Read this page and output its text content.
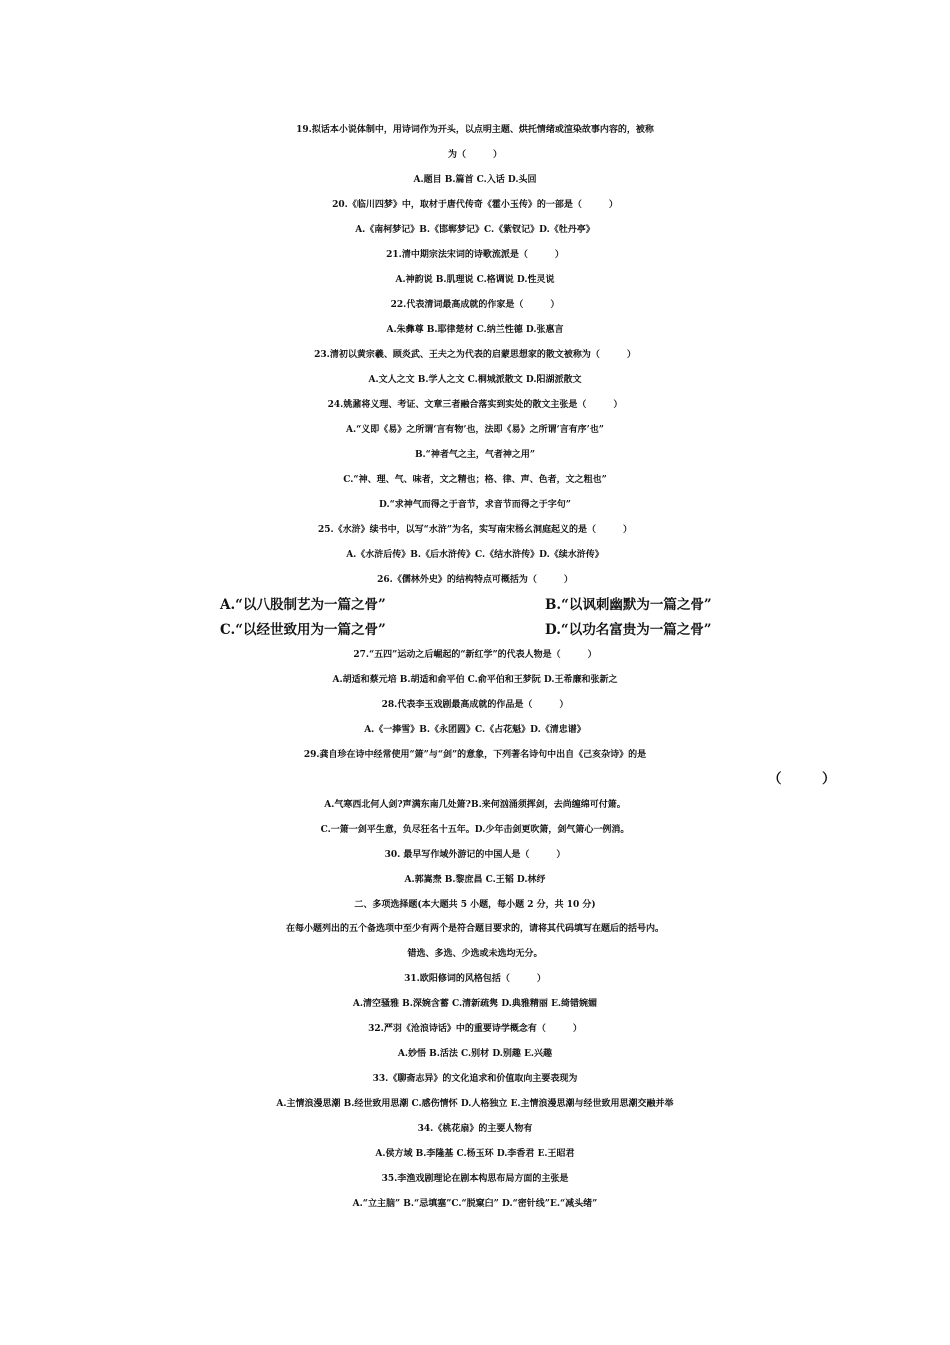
19.拟话本小说体制中，用诗词作为开头，以点明主题、烘托情绪或渲染故事内容的，被称
为（　　　）
A.题目 B.篇首 C.入话 D.头回
20.《临川四梦》中，取材于唐代传奇《霍小玉传》的一部是（　　　）
A.《南柯梦记》B.《邯郸梦记》C.《紫钗记》D.《牡丹亭》
21.清中期宗法宋词的诗歌流派是（　　　）
A.神韵说 B.肌理说 C.格调说 D.性灵说
22.代表清词最高成就的作家是（　　　）
A.朱彝尊 B.耶律楚材 C.纳兰性德 D.张惠言
23.清初以黄宗羲、顾炎武、王夫之为代表的启蒙思想家的散文被称为（　　　）
A.文人之文 B.学人之文 C.桐城派散文 D.阳湖派散文
24.姚鼐将义理、考证、文章三者融合落实到实处的散文主张是（　　　）
A.“义即《易》之所谓‘言有物’也，法即《易》之所谓‘言有序’也”
B.“神者气之主，气者神之用”
C.“神、理、气、味者，文之精也；格、律、声、色者，文之粗也”
D.“求神气而得之于音节，求音节而得之于字句”
25.《水浒》续书中，以写“水浒”为名，实写南宋杨幺洞庭起义的是（　　　）
A.《水浒后传》B.《后水浒传》C.《结水浒传》D.《续水浒传》
26.《儒林外史》的结构特点可概括为（　　　）
A.“以八股制艺为一篇之骨”	B.“以讽刺幽默为一篇之骨”
C.“以经世致用为一篇之骨”	D.“以功名富贵为一篇之骨”
27.“五四”运动之后崛起的“新红学”的代表人物是（　　　）
A.胡适和蔡元培 B.胡适和俞平伯 C.俞平伯和王梦阮 D.王希廉和张新之
28.代表李玉戏剧最高成就的作品是（　　　）
A.《一捧雪》B.《永团圆》C.《占花魁》D.《清忠谱》
29.龚自珍在诗中经常使用“箫”与“剑”的意象，下列著名诗句中出自《己亥杂诗》的是
（　　　）
A.气寒西北何人剑?声满东南几处箫?B.来何汹涌须挥剑，去尚缠绵可付箫。
C.一箫一剑平生意，负尽狂名十五年。D.少年击剑更吹箫，剑气箫心一例消。
30. 最早写作域外游记的中国人是（　　　）
A.郭嵩焘 B.黎庶昌 C.王韬 D.林纾
二、多项选择题(本大题共 5 小题，每小题 2 分，共 10 分)
在每小题列出的五个备选项中至少有两个是符合题目要求的，请将其代码填写在题后的括号内。
错选、多选、少选或未选均无分。
31.欧阳修词的风格包括（　　　）
A.清空骚雅 B.深婉含蓄 C.清新疏隽 D.典雅精丽 E.绮错婉媚
32.严羽《沧浪诗话》中的重要诗学概念有（　　　）
A.妙悟 B.活法 C.别材 D.别趣 E.兴趣
33.《聊斋志异》的文化追求和价值取向主要表现为
A.主情浪漫思潮 B.经世致用思潮 C.感伤情怀 D.人格独立 E.主情浪漫思潮与经世致用思潮交融并举
34.《桃花扇》的主要人物有
A.侯方域 B.李隆基 C.杨玉环 D.李香君 E.王昭君
35.李渔戏剧理论在剧本构思布局方面的主张是
A.“立主脑” B.“忌填塞”C.“脱窠臼” D.“密针线”E.“减头绪”
